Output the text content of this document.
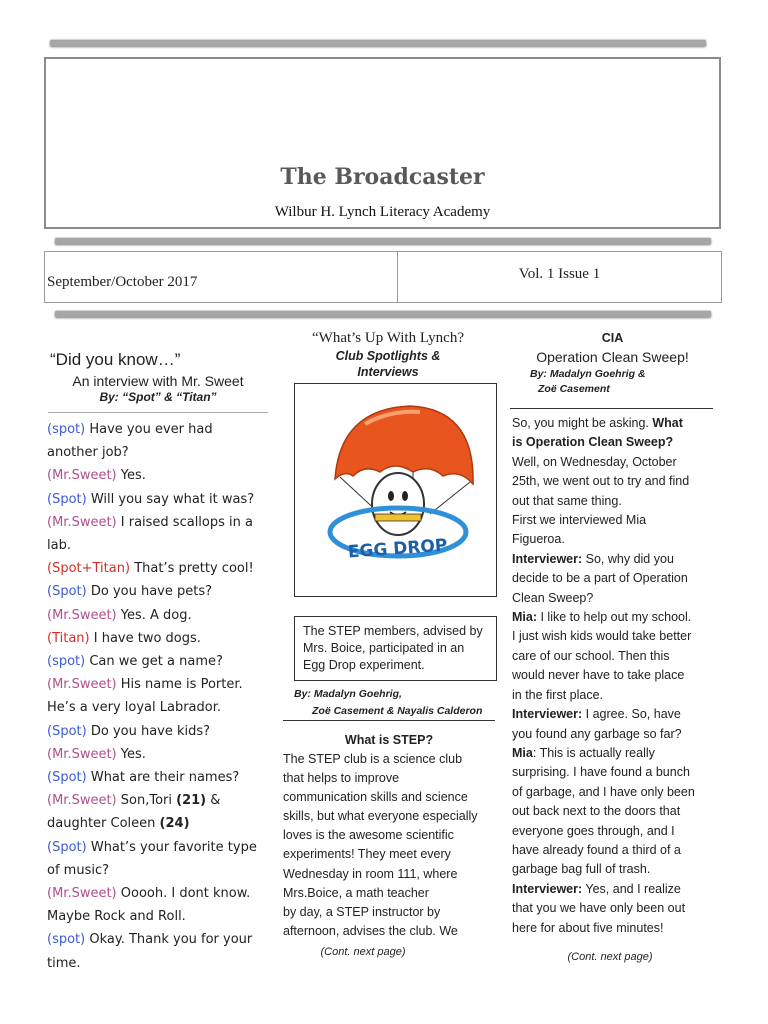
The Broadcaster
Wilbur H. Lynch Literacy Academy
September/October 2017	Vol. 1 Issue 1
“Did you know…”
An interview with Mr. Sweet
By: “Spot” & “Titan”
(spot) Have you ever had
another job?
(Mr.Sweet) Yes.
(Spot) Will you say what it was?
(Mr.Sweet) I raised scallops in a
lab.
(Spot+Titan) That’s pretty cool!
(Spot) Do you have pets?
(Mr.Sweet) Yes. A dog.
(Titan) I have two dogs.
(spot) Can we get a name?
(Mr.Sweet) His name is Porter.
He’s a very loyal Labrador.
(Spot) Do you have kids?
(Mr.Sweet) Yes.
(Spot) What are their names?
(Mr.Sweet) Son,Tori (21) &
daughter Coleen (24)
(Spot) What’s your favorite type
of music?
(Mr.Sweet) Ooooh. I dont know.
Maybe Rock and Roll.
(spot) Okay. Thank you for your
time.
“What’s Up With Lynch?
Club Spotlights &
Interviews
EGG DROP
The STEP members, advised by Mrs. Boice, participated in an Egg Drop experiment.
By: Madalyn Goehrig,
Zoë Casement & Nayalis Calderon
What is STEP?
The STEP club is a science club
that helps to improve
communication skills and science
skills, but what everyone especially
loves is the awesome scientific
experiments! They meet every
Wednesday in room 111, where
Mrs.Boice, a math teacher
by day, a STEP instructor by
afternoon, advises the club. We
(Cont. next page)
CIA
Operation Clean Sweep!
By: Madalyn Goehrig &
Zoë Casement
So, you might be asking. What
is Operation Clean Sweep?
Well, on Wednesday, October
25th, we went out to try and find
out that same thing.
First we interviewed Mia
Figueroa.
Interviewer: So, why did you
decide to be a part of Operation
Clean Sweep?
Mia: I like to help out my school.
I just wish kids would take better
care of our school. Then this
would never have to take place
in the first place.
Interviewer: I agree. So, have
you found any garbage so far?
Mia: This is actually really
surprising. I have found a bunch
of garbage, and I have only been
out back next to the doors that
everyone goes through, and I
have already found a third of a
garbage bag full of trash.
Interviewer: Yes, and I realize
that you we have only been out
here for about five minutes!
(Cont. next page)
